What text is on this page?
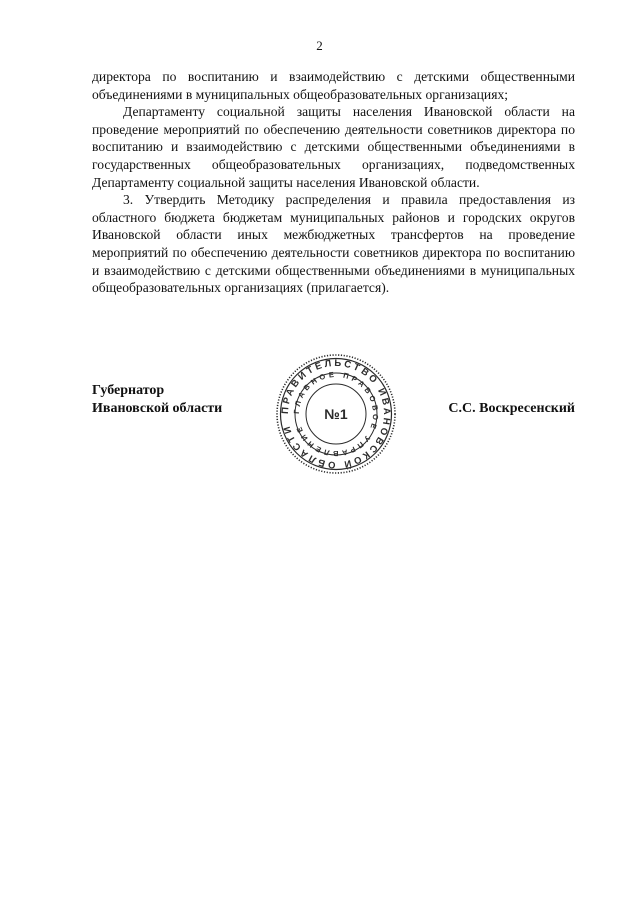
2

директора по воспитанию и взаимодействию с детскими общественными объединениями в муниципальных общеобразовательных организациях;

Департаменту социальной защиты населения Ивановской области на проведение мероприятий по обеспечению деятельности советников директора по воспитанию и взаимодействию с детскими общественными объединениями в государственных общеобразовательных организациях, подведомственных Департаменту социальной защиты населения Ивановской области.

3. Утвердить Методику распределения и правила предоставления из областного бюджета бюджетам муниципальных районов и городских округов Ивановской области иных межбюджетных трансфертов на проведение мероприятий по обеспечению деятельности советников директора по воспитанию и взаимодействию с детскими общественными объединениями в муниципальных общеобразовательных организациях (прилагается).

Губернатор
Ивановской области	ПРАВИТЕЛЬСТВО ИВАНОВСКОЙ ОБЛАСТИ
ГЛАВНОЕ ПРАВОВОЕ УПРАВЛЕНИЕ
№1	С.С. Воскресенский
